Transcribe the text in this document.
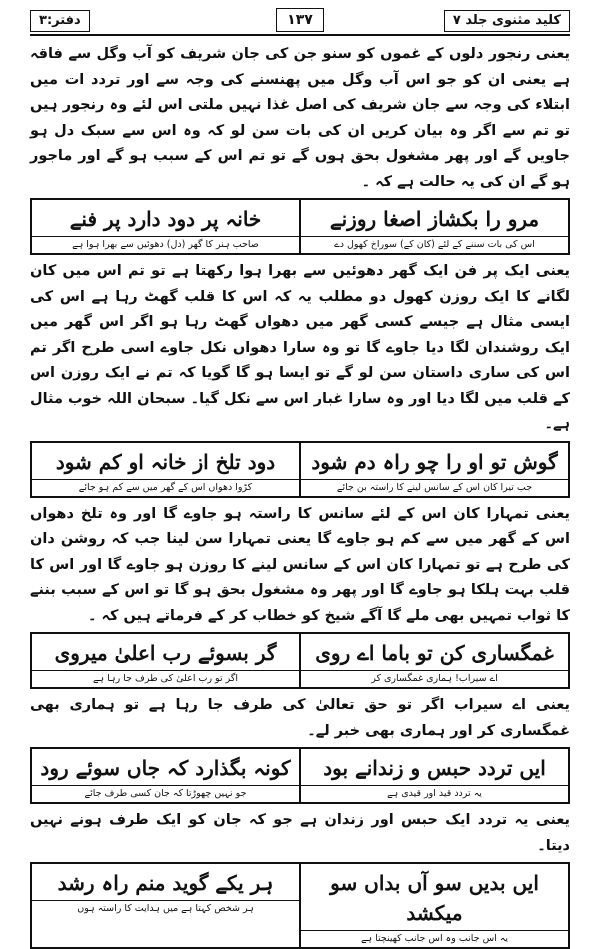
دفتر:۳	۱۳۷	کلید مثنوی جلد ۷

یعنی رنجور دلوں کے غموں کو سنو جن کی جان شریف کو آب وگل سے فاقہ ہے یعنی ان کو جو اس آب وگل میں پھنسنے کی وجہ سے اور تردد ات میں ابتلاء کی وجہ سے جان شریف کی اصل غذا نہیں ملتی اس لئے وہ رنجور ہیں تو تم سے اگر وہ بیان کریں ان کی بات سن لو کہ وہ اس سے سبک دل ہو جاویں گے اور پھر مشغول بحق ہوں گے تو تم اس کے سبب ہو گے اور ماجور ہو گے ان کی یہ حالت ہے کہ ۔

مرو را بکشاز اصغا روزنے
اس کی بات سننے کے لئے (کان کے) سوراخ کھول دے
خانہ پر دود دارد پر فنے
صاحب ہنر کا گھر (دل) دھوئیں سے بھرا ہوا ہے

یعنی ایک پر فن ایک گھر دھوئیں سے بھرا ہوا رکھتا ہے تو تم اس میں کان لگانے کا ایک روزن کھول دو مطلب یہ کہ اس کا قلب گھٹ رہا ہے اس کی ایسی مثال ہے جیسے کسی گھر میں دھواں گھٹ رہا ہو اگر اس گھر میں ایک روشندان لگا دیا جاوے گا تو وہ سارا دھواں نکل جاوے اسی طرح اگر تم اس کی ساری داستان سن لو گے تو ایسا ہو گا گویا کہ تم نے ایک روزن اس کے قلب میں لگا دیا اور وہ سارا غبار اس سے نکل گیا۔ سبحان اللہ خوب مثال ہے۔

گوش تو او را چو راہ دم شود
جب تیرا کان اس کے سانس لینے کا راستہ بن جائے
دود تلخ از خانہ او کم شود
کڑوا دھواں اس کے گھر میں سے کم ہو جائے

یعنی تمہارا کان اس کے لئے سانس کا راستہ ہو جاوے گا اور وہ تلخ دھواں اس کے گھر میں سے کم ہو جاوے گا یعنی تمہارا سن لینا جب کہ روشن دان کی طرح ہے تو تمہارا کان اس کے سانس لینے کا روزن ہو جاوے گا اور اس کا قلب بہت ہلکا ہو جاوے گا اور پھر وہ مشغول بحق ہو گا تو اس کے سبب بننے کا ثواب تمہیں بھی ملے گا آگے شیخ کو خطاب کر کے فرماتے ہیں کہ ۔

غمگساری کن تو باما اے روی
اے سیراب! ہماری غمگساری کر
گر بسوئے رب اعلیٰ میروی
اگر تو رب اعلیٰ کی طرف جا رہا ہے

یعنی اے سیراب اگر تو حق تعالیٰ کی طرف جا رہا ہے تو ہماری بھی غمگساری کر اور ہماری بھی خبر لے۔

ایں تردد حبس و زندانے بود
یہ تردد قید اور قیدی ہے
کونہ بگذارد کہ جاں سوئے رود
جو نہیں چھوڑتا کہ جان کسی طرف جائے

یعنی یہ تردد ایک حبس اور زندان ہے جو کہ جان کو ایک طرف ہونے نہیں دیتا۔

ایں بدیں سو آں بداں سو میکشد
یہ اس جانب وہ اس جانب کھینچتا ہے
ہر یکے گوید منم راہ رشد
ہر شخص کہتا ہے میں ہدایت کا راستہ ہوں
